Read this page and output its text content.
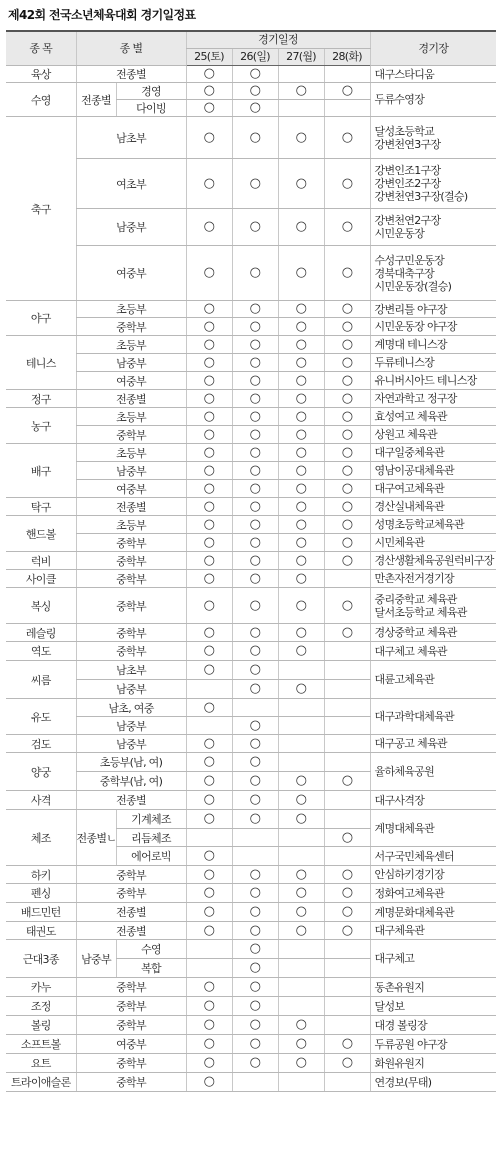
제42회 전국소년체육대회 경기일정표
종 목	종 별		경기일정				경기장
			25(토)	26(일)	27(월)	28(화)	
육상	전종별		○	○			대구스타디움

수영	전종별	경영	○	○	○	○	두류수영장

		다이빙	○	○			
축구	남초부		○	○	○	○	달성초등학교
강변천연3구장

	여초부		○	○	○	○	강변인조1구장
강변인조2구장
강변천연3구장(결승)

	남중부		○	○	○	○	강변천연2구장
시민운동장

	여중부		○	○	○	○	수성구민운동장
경북대축구장
시민운동장(결승)

야구	초등부		○	○	○	○	강변리틀 야구장

	중학부		○	○	○	○	시민운동장 야구장

테니스	초등부		○	○	○	○	계명대 테니스장

	남중부		○	○	○	○	두류테니스장

	여중부		○	○	○	○	유니버시아드 테니스장

정구	전종별		○	○	○	○	자연과학고 정구장

농구	초등부		○	○	○	○	효성여고 체육관

	중학부		○	○	○	○	상원고 체육관

배구	초등부		○	○	○	○	대구일중체육관

	남중부		○	○	○	○	영남이공대체육관

	여중부		○	○	○	○	대구여고체육관

탁구	전종별		○	○	○	○	경산실내체육관

핸드볼	초등부		○	○	○	○	성명초등학교체육관

	중학부		○	○	○	○	시민체육관

럭비	중학부		○	○	○	○	경산생활체육공원럭비구장

사이클	중학부		○	○	○		만촌자전거경기장

복싱	중학부		○	○	○	○	중리중학교 체육관
달서초등학교 체육관

레슬링	중학부		○	○	○	○	경상중학교 체육관

역도	중학부		○	○	○		대구체고 체육관

씨름	남초부		○	○			대륜고체육관

	남중부			○	○		
유도	남초, 여중		○				대구과학대체육관

	남중부			○			
검도	남중부		○	○			대구공고 체육관

양궁	초등부(남, 여)		○	○			율하체육공원

	중학부(남, 여)		○	○	○	○	
사격	전종별		○	○	○		대구사격장

체조	전종별ㄴ	기계체조	○	○	○		계명대체육관

		리듬체조				○	
		에어로빅	○				서구국민체육센터

하키	중학부		○	○	○	○	안심하키경기장

펜싱	중학부		○	○	○	○	정화여고체육관

배드민턴	전종별		○	○	○	○	계명문화대체육관

태권도	전종별		○	○	○	○	대구체육관

근대3종	남중부	수영		○			대구체고

		복합		○			
카누	중학부		○	○			동촌유원지

조정	중학부		○	○			달성보

볼링	중학부		○	○	○		대경 볼링장

소프트볼	여중부		○	○	○	○	두류공원 야구장

요트	중학부		○	○	○	○	화원유원지

트라이애슬론	중학부		○				연경보(무태)
